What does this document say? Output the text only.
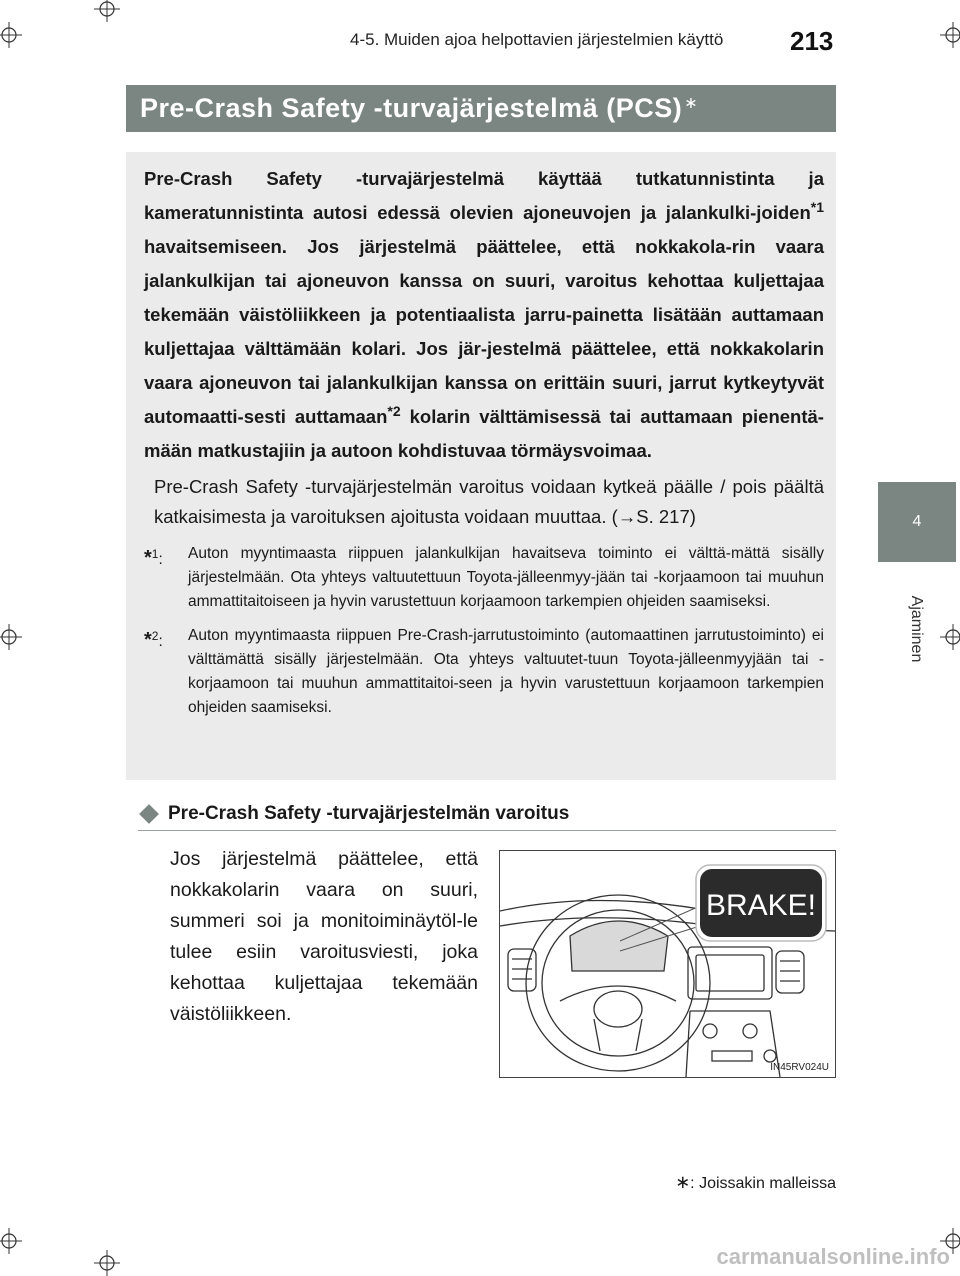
4-5. Muiden ajoa helpottavien järjestelmien käyttö	213
4
Ajaminen
Pre-Crash Safety -turvajärjestelmä (PCS)∗

Pre-Crash Safety -turvajärjestelmä käyttää tutkatunnistinta ja kameratunnistinta autosi edessä olevien ajoneuvojen ja jalankulki-joiden$^{*1}$ havaitsemiseen. Jos järjestelmä päättelee, että nokkakola-rin vaara jalankulkijan tai ajoneuvon kanssa on suuri, varoitus kehottaa kuljettajaa tekemään väistöliikkeen ja potentiaalista jarru-painetta lisätään auttamaan kuljettajaa välttämään kolari. Jos jär-jestelmä päättelee, että nokkakolarin vaara ajoneuvon tai jalankulkijan kanssa on erittäin suuri, jarrut kytkeytyvät automaatti-sesti auttamaan$^{*2}$ kolarin välttämisessä tai auttamaan pienentä-mään matkustajiin ja autoon kohdistuvaa törmäysvoimaa.

Pre-Crash Safety -turvajärjestelmän varoitus voidaan kytkeä päälle / pois päältä katkaisimesta ja varoituksen ajoitusta voidaan muuttaa. (→S. 217)

*$^1$:	Auton myyntimaasta riippuen jalankulkijan havaitseva toiminto ei välttä-mättä sisälly järjestelmään. Ota yhteys valtuutettuun Toyota-jälleenmyy-jään tai -korjaamoon tai muuhun ammattitaitoiseen ja hyvin varustettuun korjaamoon tarkempien ohjeiden saamiseksi.
*$^2$:	Auton myyntimaasta riippuen Pre-Crash-jarrutustoiminto (automaattinen jarrutustoiminto) ei välttämättä sisälly järjestelmään. Ota yhteys valtuutet-tuun Toyota-jälleenmyyjään tai -korjaamoon tai muuhun ammattitaitoi-seen ja hyvin varustettuun korjaamoon tarkempien ohjeiden saamiseksi.
Pre-Crash Safety -turvajärjestelmän varoitus
Jos järjestelmä päättelee, että nokkakolarin vaara on suuri, summeri soi ja monitoiminäytöl-le tulee esiin varoitusviesti, joka kehottaa kuljettajaa tekemään väistöliikkeen.
BRAKE!
IN45RV024U
∗: Joissakin malleissa
carmanualsonline.info
